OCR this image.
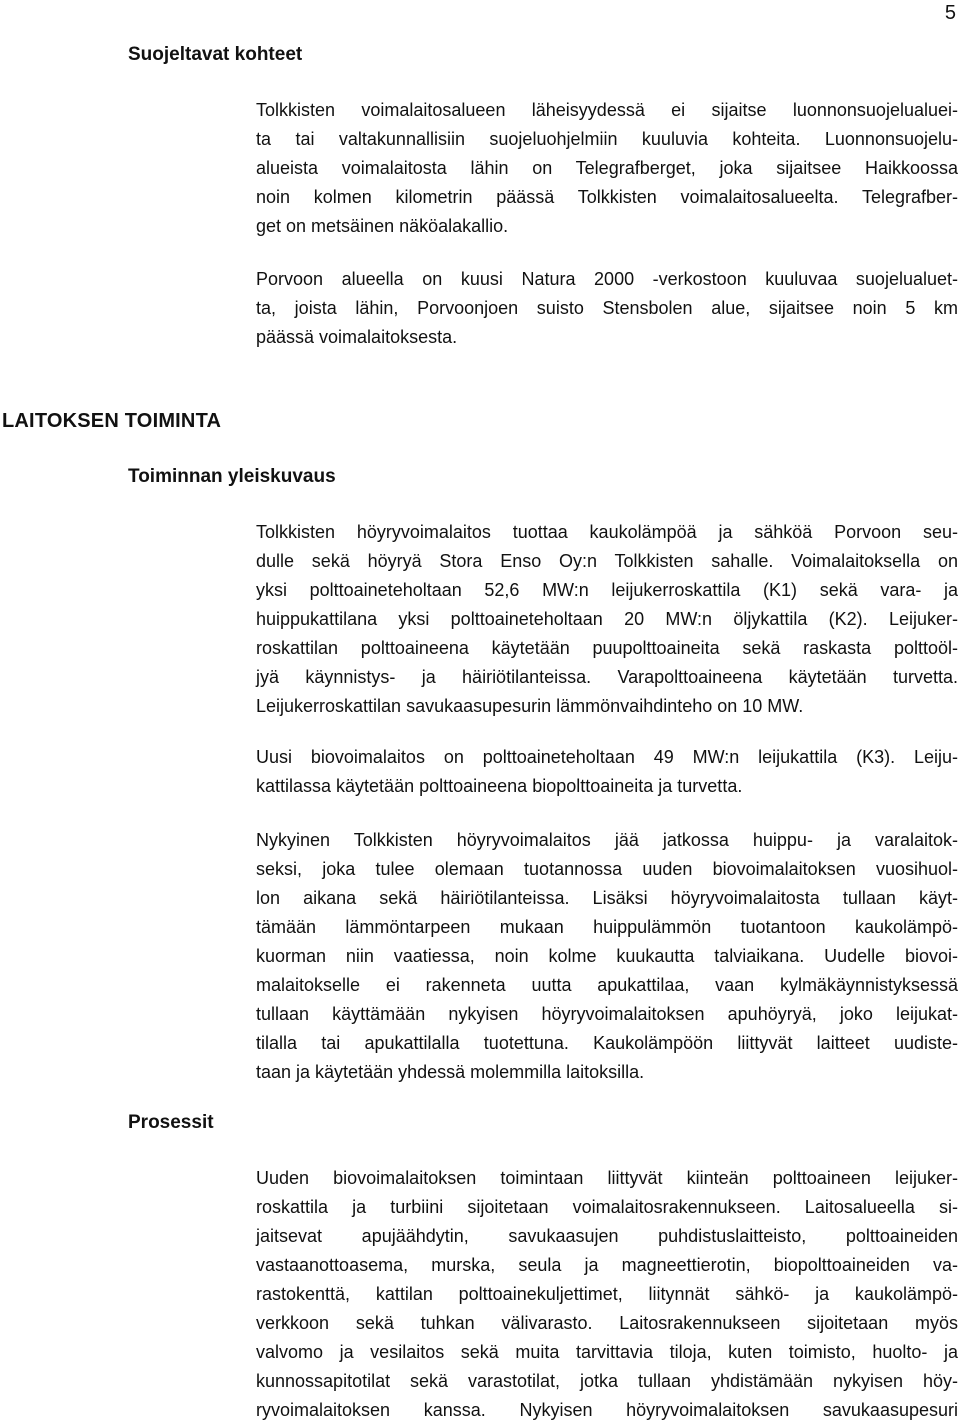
5
Suojeltavat kohteet
Tolkkisten voimalaitosalueen läheisyydessä ei sijaitse luonnonsuojelualuei-
ta tai valtakunnallisiin suojeluohjelmiin kuuluvia kohteita. Luonnonsuojelu-
alueista voimalaitosta lähin on Telegrafberget, joka sijaitsee Haikkoossa
noin kolmen kilometrin päässä Tolkkisten voimalaitosalueelta. Telegrafber-
get on metsäinen näköalakallio.
Porvoon alueella on kuusi Natura 2000 -verkostoon kuuluvaa suojelualuet-
ta, joista lähin, Porvoonjoen suisto Stensbolen alue, sijaitsee noin 5 km
päässä voimalaitoksesta.
LAITOKSEN TOIMINTA
Toiminnan yleiskuvaus
Tolkkisten höyryvoimalaitos tuottaa kaukolämpöä ja sähköä Porvoon seu-
dulle sekä höyryä Stora Enso Oy:n Tolkkisten sahalle. Voimalaitoksella on
yksi polttoaineteholtaan 52,6 MW:n leijukerroskattila (K1) sekä vara- ja
huippukattilana yksi polttoaineteholtaan 20 MW:n öljykattila (K2). Leijuker-
roskattilan polttoaineena käytetään puupolttoaineita sekä raskasta polttoöl-
jyä käynnistys- ja häiriötilanteissa. Varapolttoaineena käytetään turvetta.
Leijukerroskattilan savukaasupesurin lämmönvaihdinteho on 10 MW.
Uusi biovoimalaitos on polttoaineteholtaan 49 MW:n leijukattila (K3). Leiju-
kattilassa käytetään polttoaineena biopolttoaineita ja turvetta.
Nykyinen Tolkkisten höyryvoimalaitos jää jatkossa huippu- ja varalaitok-
seksi, joka tulee olemaan tuotannossa uuden biovoimalaitoksen vuosihuol-
lon aikana sekä häiriötilanteissa. Lisäksi höyryvoimalaitosta tullaan käyt-
tämään lämmöntarpeen mukaan huippulämmön tuotantoon kaukolämpö-
kuorman niin vaatiessa, noin kolme kuukautta talviaikana. Uudelle biovoi-
malaitokselle ei rakenneta uutta apukattilaa, vaan kylmäkäynnistyksessä
tullaan käyttämään nykyisen höyryvoimalaitoksen apuhöyryä, joko leijukat-
tilalla tai apukattilalla tuotettuna. Kaukolämpöön liittyvät laitteet uudiste-
taan ja käytetään yhdessä molemmilla laitoksilla.
Prosessit
Uuden biovoimalaitoksen toimintaan liittyvät kiinteän polttoaineen leijuker-
roskattila ja turbiini sijoitetaan voimalaitosrakennukseen. Laitosalueella si-
jaitsevat apujäähdytin, savukaasujen puhdistuslaitteisto, polttoaineiden
vastaanottoasema, murska, seula ja magneettierotin, biopolttoaineiden va-
rastokenttä, kattilan polttoainekuljettimet, liitynnät sähkö- ja kaukolämpö-
verkkoon sekä tuhkan välivarasto. Laitosrakennukseen sijoitetaan myös
valvomo ja vesilaitos sekä muita tarvittavia tiloja, kuten toimisto, huolto- ja
kunnossapitotilat sekä varastotilat, jotka tullaan yhdistämään nykyisen höy-
ryvoimalaitoksen kanssa. Nykyisen höyryvoimalaitoksen savukaasupesuri
